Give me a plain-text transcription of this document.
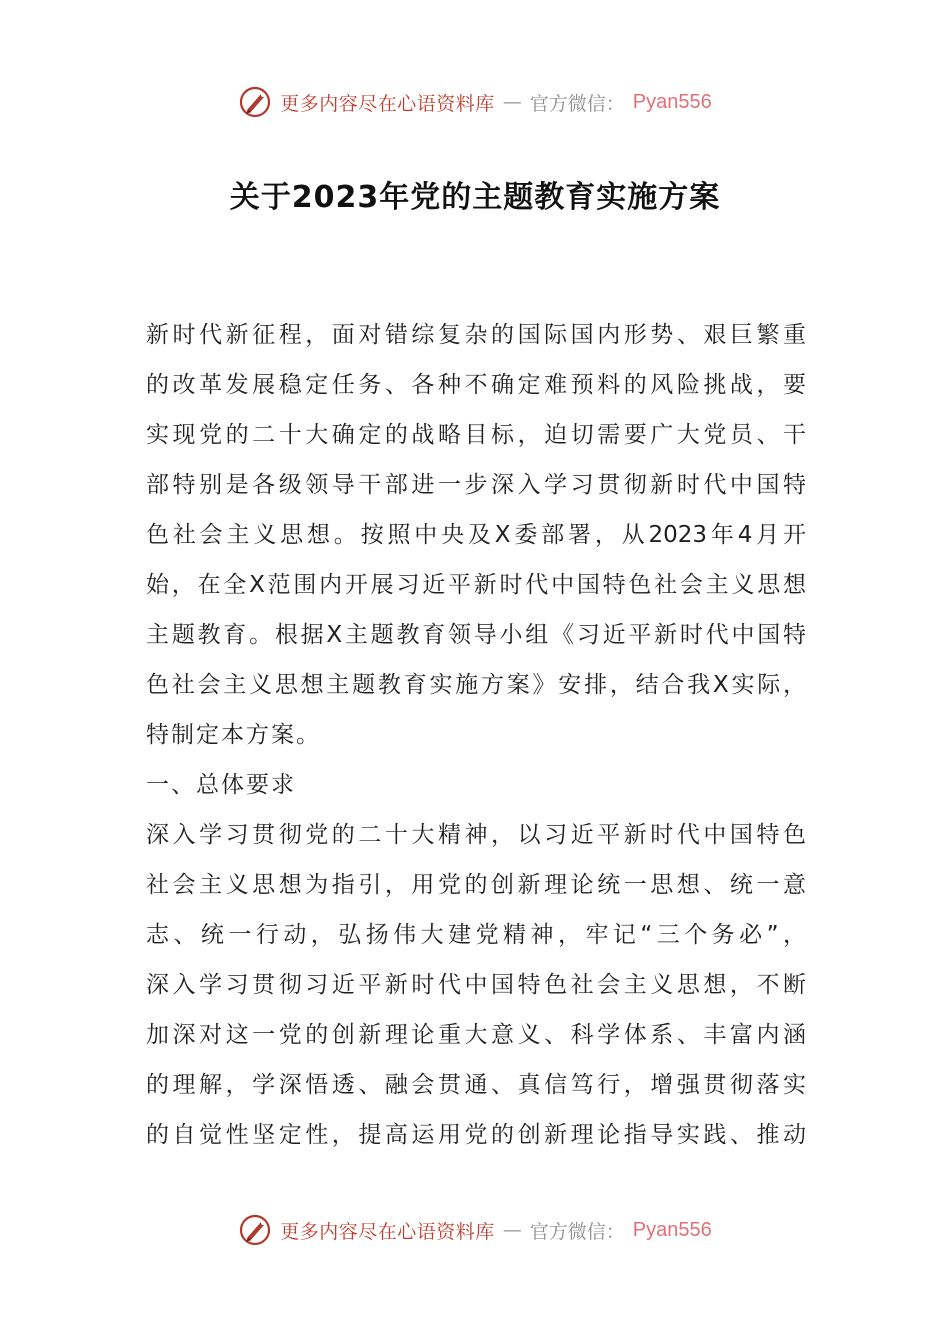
更多内容尽在心语资料库 — 官方微信： Pyan556
关于2023年党的主题教育实施方案
新时代新征程，面对错综复杂的国际国内形势、艰巨繁重
的改革发展稳定任务、各种不确定难预料的风险挑战，要
实现党的二十大确定的战略目标，迫切需要广大党员、干
部特别是各级领导干部进一步深入学习贯彻新时代中国特
色社会主义思想。按照中央及X委部署，从2023年4月开
始，在全X范围内开展习近平新时代中国特色社会主义思想
主题教育。根据X主题教育领导小组《习近平新时代中国特
色社会主义思想主题教育实施方案》安排，结合我X实际，
特制定本方案。
一、总体要求
深入学习贯彻党的二十大精神，以习近平新时代中国特色
社会主义思想为指引，用党的创新理论统一思想、统一意
志、统一行动，弘扬伟大建党精神，牢记“三个务必”，
深入学习贯彻习近平新时代中国特色社会主义思想，不断
加深对这一党的创新理论重大意义、科学体系、丰富内涵
的理解，学深悟透、融会贯通、真信笃行，增强贯彻落实
的自觉性坚定性，提高运用党的创新理论指导实践、推动
更多内容尽在心语资料库 — 官方微信： Pyan556
